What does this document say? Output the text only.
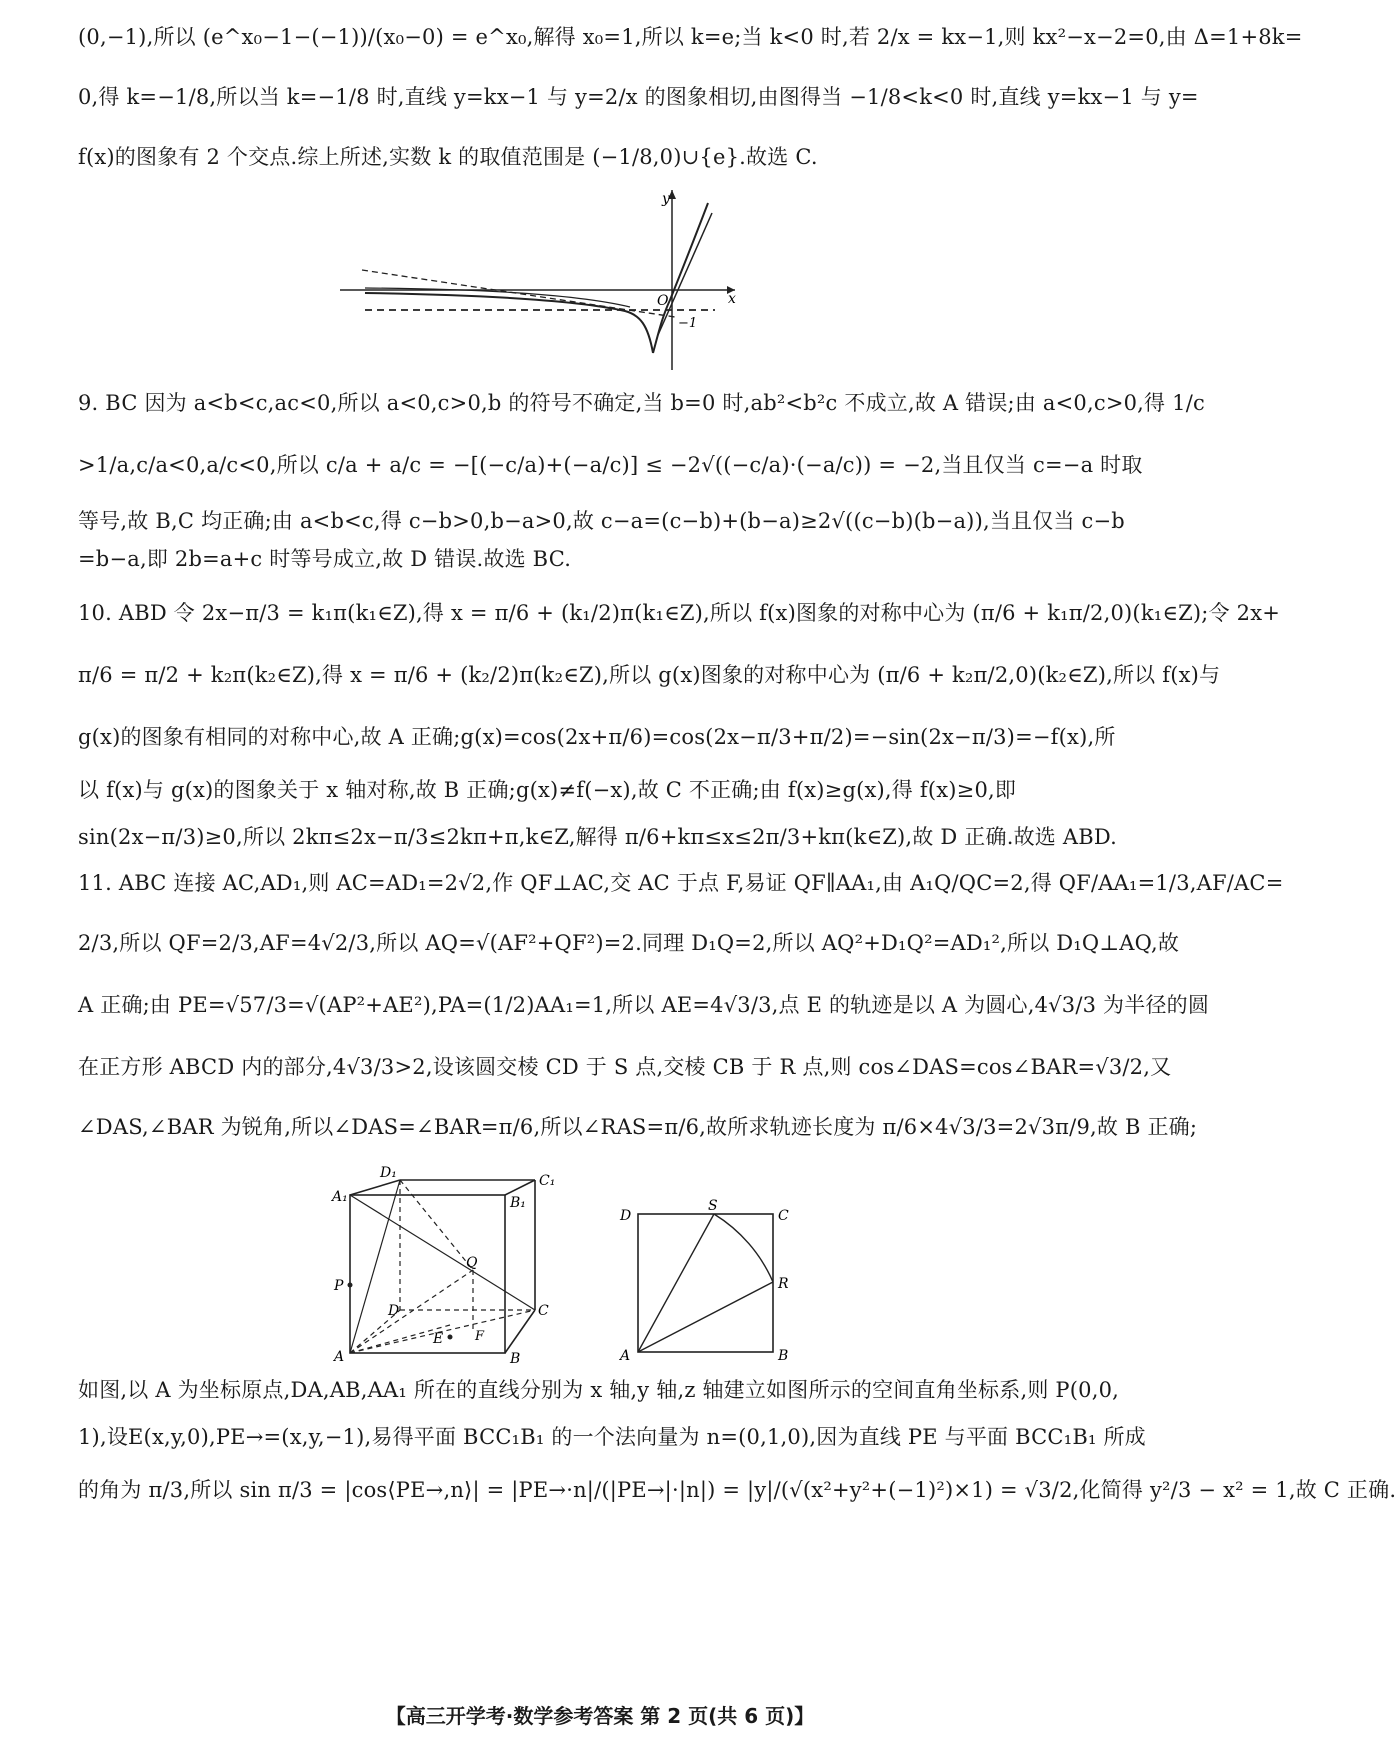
(0,−1),所以 (e^x₀−1−(−1))/(x₀−0) = e^x₀,解得 x₀=1,所以 k=e;当 k<0 时,若 2/x = kx−1,则 kx²−x−2=0,由 Δ=1+8k=
0,得 k=−1/8,所以当 k=−1/8 时,直线 y=kx−1 与 y=2/x 的图象相切,由图得当 −1/8<k<0 时,直线 y=kx−1 与 y=
f(x)的图象有 2 个交点.综上所述,实数 k 的取值范围是 (−1/8,0)∪{e}.故选 C.
y
x
O
−1
9. BC 因为 a<b<c,ac<0,所以 a<0,c>0,b 的符号不确定,当 b=0 时,ab²<b²c 不成立,故 A 错误;由 a<0,c>0,得 1/c
>1/a,c/a<0,a/c<0,所以 c/a + a/c = −[(−c/a)+(−a/c)] ≤ −2√((−c/a)·(−a/c)) = −2,当且仅当 c=−a 时取
等号,故 B,C 均正确;由 a<b<c,得 c−b>0,b−a>0,故 c−a=(c−b)+(b−a)≥2√((c−b)(b−a)),当且仅当 c−b
=b−a,即 2b=a+c 时等号成立,故 D 错误.故选 BC.
10. ABD 令 2x−π/3 = k₁π(k₁∈Z),得 x = π/6 + (k₁/2)π(k₁∈Z),所以 f(x)图象的对称中心为 (π/6 + k₁π/2,0)(k₁∈Z);令 2x+
π/6 = π/2 + k₂π(k₂∈Z),得 x = π/6 + (k₂/2)π(k₂∈Z),所以 g(x)图象的对称中心为 (π/6 + k₂π/2,0)(k₂∈Z),所以 f(x)与
g(x)的图象有相同的对称中心,故 A 正确;g(x)=cos(2x+π/6)=cos(2x−π/3+π/2)=−sin(2x−π/3)=−f(x),所
以 f(x)与 g(x)的图象关于 x 轴对称,故 B 正确;g(x)≠f(−x),故 C 不正确;由 f(x)≥g(x),得 f(x)≥0,即
sin(2x−π/3)≥0,所以 2kπ≤2x−π/3≤2kπ+π,k∈Z,解得 π/6+kπ≤x≤2π/3+kπ(k∈Z),故 D 正确.故选 ABD.
11. ABC 连接 AC,AD₁,则 AC=AD₁=2√2,作 QF⊥AC,交 AC 于点 F,易证 QF∥AA₁,由 A₁Q/QC=2,得 QF/AA₁=1/3,AF/AC=
2/3,所以 QF=2/3,AF=4√2/3,所以 AQ=√(AF²+QF²)=2.同理 D₁Q=2,所以 AQ²+D₁Q²=AD₁²,所以 D₁Q⊥AQ,故
A 正确;由 PE=√57/3=√(AP²+AE²),PA=(1/2)AA₁=1,所以 AE=4√3/3,点 E 的轨迹是以 A 为圆心,4√3/3 为半径的圆
在正方形 ABCD 内的部分,4√3/3>2,设该圆交棱 CD 于 S 点,交棱 CB 于 R 点,则 cos∠DAS=cos∠BAR=√3/2,又
∠DAS,∠BAR 为锐角,所以∠DAS=∠BAR=π/6,所以∠RAS=π/6,故所求轨迹长度为 π/6×4√3/3=2√3π/9,故 B 正确;
D₁	C₁
A₁	B₁
P
Q
D	C
F
E
A	B
D
S
C
R
A	B
如图,以 A 为坐标原点,DA,AB,AA₁ 所在的直线分别为 x 轴,y 轴,z 轴建立如图所示的空间直角坐标系,则 P(0,0,
1),设E(x,y,0),PE→=(x,y,−1),易得平面 BCC₁B₁ 的一个法向量为 n=(0,1,0),因为直线 PE 与平面 BCC₁B₁ 所成
的角为 π/3,所以 sin π/3 = |cos⟨PE→,n⟩| = |PE→·n|/(|PE→|·|n|) = |y|/(√(x²+y²+(−1)²)×1) = √3/2,化简得 y²/3 − x² = 1,故 C 正确.
【高三开学考·数学参考答案 第 2 页(共 6 页)】
